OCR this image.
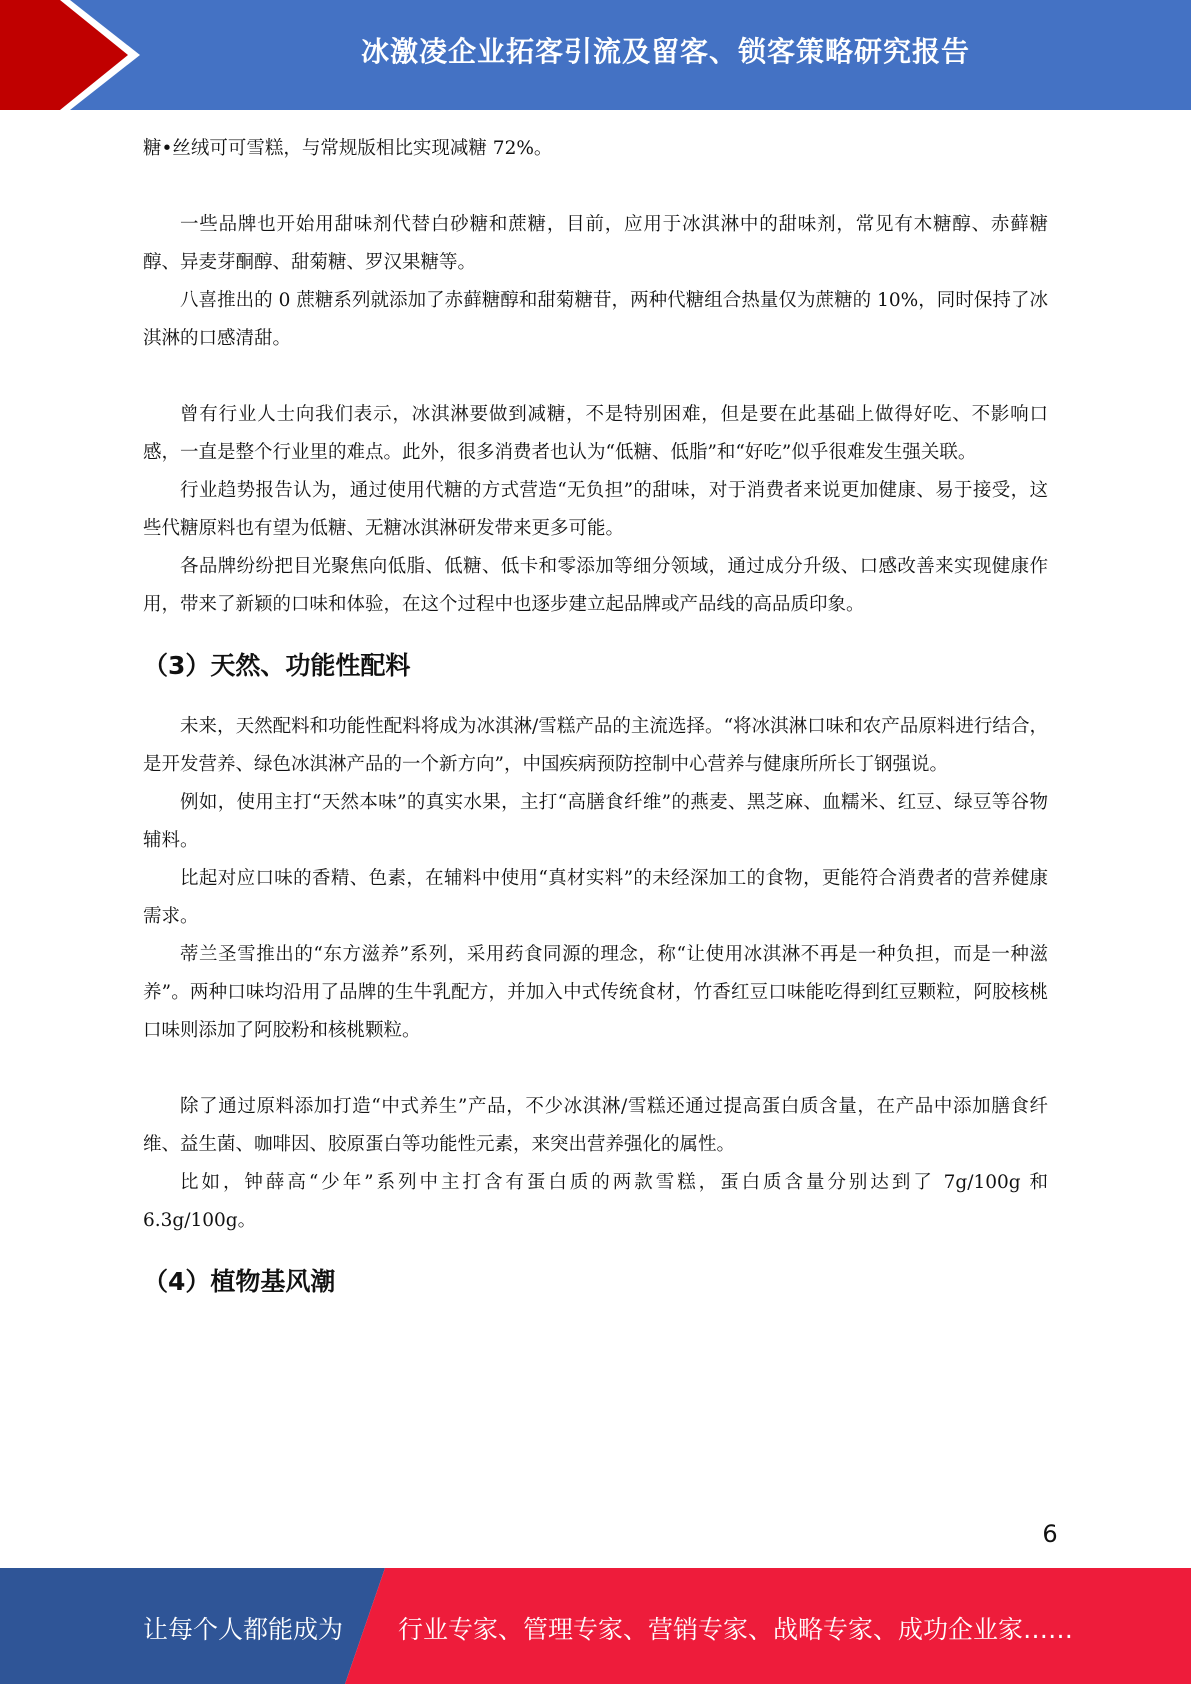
冰激凌企业拓客引流及留客、锁客策略研究报告

糖•丝绒可可雪糕，与常规版相比实现减糖 72%。

一些品牌也开始用甜味剂代替白砂糖和蔗糖，目前，应用于冰淇淋中的甜味剂，常见有木糖醇、赤藓糖醇、异麦芽酮醇、甜菊糖、罗汉果糖等。

八喜推出的 0 蔗糖系列就添加了赤藓糖醇和甜菊糖苷，两种代糖组合热量仅为蔗糖的 10%，同时保持了冰淇淋的口感清甜。

曾有行业人士向我们表示，冰淇淋要做到减糖，不是特别困难，但是要在此基础上做得好吃、不影响口感，一直是整个行业里的难点。此外，很多消费者也认为“低糖、低脂”和“好吃”似乎很难发生强关联。

行业趋势报告认为，通过使用代糖的方式营造“无负担”的甜味，对于消费者来说更加健康、易于接受，这些代糖原料也有望为低糖、无糖冰淇淋研发带来更多可能。

各品牌纷纷把目光聚焦向低脂、低糖、低卡和零添加等细分领域，通过成分升级、口感改善来实现健康作用，带来了新颖的口味和体验，在这个过程中也逐步建立起品牌或产品线的高品质印象。

（3）天然、功能性配料

未来，天然配料和功能性配料将成为冰淇淋/雪糕产品的主流选择。“将冰淇淋口味和农产品原料进行结合，是开发营养、绿色冰淇淋产品的一个新方向”，中国疾病预防控制中心营养与健康所所长丁钢强说。

例如，使用主打“天然本味”的真实水果，主打“高膳食纤维”的燕麦、黑芝麻、血糯米、红豆、绿豆等谷物辅料。

比起对应口味的香精、色素，在辅料中使用“真材实料”的未经深加工的食物，更能符合消费者的营养健康需求。

蒂兰圣雪推出的“东方滋养”系列，采用药食同源的理念，称“让使用冰淇淋不再是一种负担，而是一种滋养”。两种口味均沿用了品牌的生牛乳配方，并加入中式传统食材，竹香红豆口味能吃得到红豆颗粒，阿胶核桃口味则添加了阿胶粉和核桃颗粒。

除了通过原料添加打造“中式养生”产品，不少冰淇淋/雪糕还通过提高蛋白质含量，在产品中添加膳食纤维、益生菌、咖啡因、胶原蛋白等功能性元素，来突出营养强化的属性。

比如，钟薛高“少年”系列中主打含有蛋白质的两款雪糕，蛋白质含量分别达到了 7g/100g 和 6.3g/100g。

（4）植物基风潮
6
让每个人都能成为 行业专家、管理专家、营销专家、战略专家、成功企业家……
